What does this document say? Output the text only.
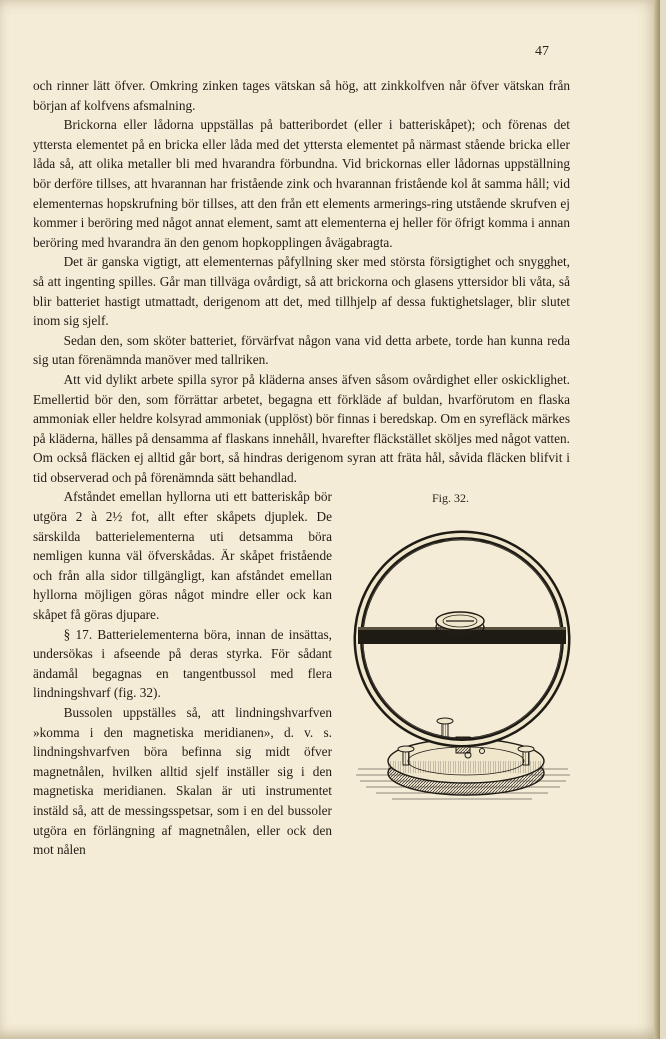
47

och rinner lätt öfver. Omkring zinken tages vätskan så hög, att zinkkolfven når öfver vätskan från början af kolfvens afsmalning.

Brickorna eller lådorna uppställas på batteribordet (eller i batteriskåpet); och förenas det yttersta elementet på en bricka eller låda med det yttersta elementet på närmast stående bricka eller låda så, att olika metaller bli med hvarandra förbundna. Vid brickornas eller lådornas uppställning bör derföre tillses, att hvarannan har fristående zink och hvarannan fristående kol åt samma håll; vid elementernas hopskrufning bör tillses, att den från ett elements armerings-ring utstående skrufven ej kommer i beröring med något annat element, samt att elementerna ej heller för öfrigt komma i annan beröring med hvarandra än den genom hopkopplingen åvägabragta.

Det är ganska vigtigt, att elementernas påfyllning sker med största försigtighet och snygghet, så att ingenting spilles. Går man tillväga ovårdigt, så att brickorna och glasens yttersidor bli våta, så blir batteriet hastigt utmattadt, derigenom att det, med tillhjelp af dessa fuktighetslager, blir slutet inom sig sjelf.

Sedan den, som sköter batteriet, förvärfvat någon vana vid detta arbete, torde han kunna reda sig utan förenämnda manöver med tallriken.

Att vid dylikt arbete spilla syror på kläderna anses äfven såsom ovårdighet eller oskicklighet. Emellertid bör den, som förrättar arbetet, begagna ett förkläde af buldan, hvarförutom en flaska ammoniak eller heldre kolsyrad ammoniak (upplöst) bör finnas i beredskap. Om en syrefläck märkes på kläderna, hälles på densamma af flaskans innehåll, hvarefter fläckstället sköljes med något vatten. Om också fläcken ej alltid går bort, så hindras derigenom syran att fräta hål, såvida fläcken blifvit i tid observerad och på förenämnda sätt behandlad.

Fig. 32.

Afståndet emellan hyllorna uti ett batteriskåp bör utgöra 2 à 2½ fot, allt efter skåpets djuplek. De särskilda batterielementerna uti detsamma böra nemligen kunna väl öfverskådas. Är skåpet fristående och från alla sidor tillgängligt, kan afståndet emellan hyllorna möjligen göras något mindre eller ock kan skåpet få göras djupare.

§ 17. Batterielementerna böra, innan de insättas, undersökas i afseende på deras styrka. För sådant ändamål begagnas en tangentbussol med flera lindningshvarf (fig. 32).

Bussolen uppställes så, att lindningshvarfven »komma i den magnetiska meridianen», d. v. s. lindningshvarfven böra befinna sig midt öfver magnetnålen, hvilken alltid sjelf inställer sig i den magnetiska meridianen. Skalan är uti instrumentet instäld så, att de messingsspetsar, som i en del bussoler utgöra en förlängning af magnetnålen, eller ock den mot nålen
